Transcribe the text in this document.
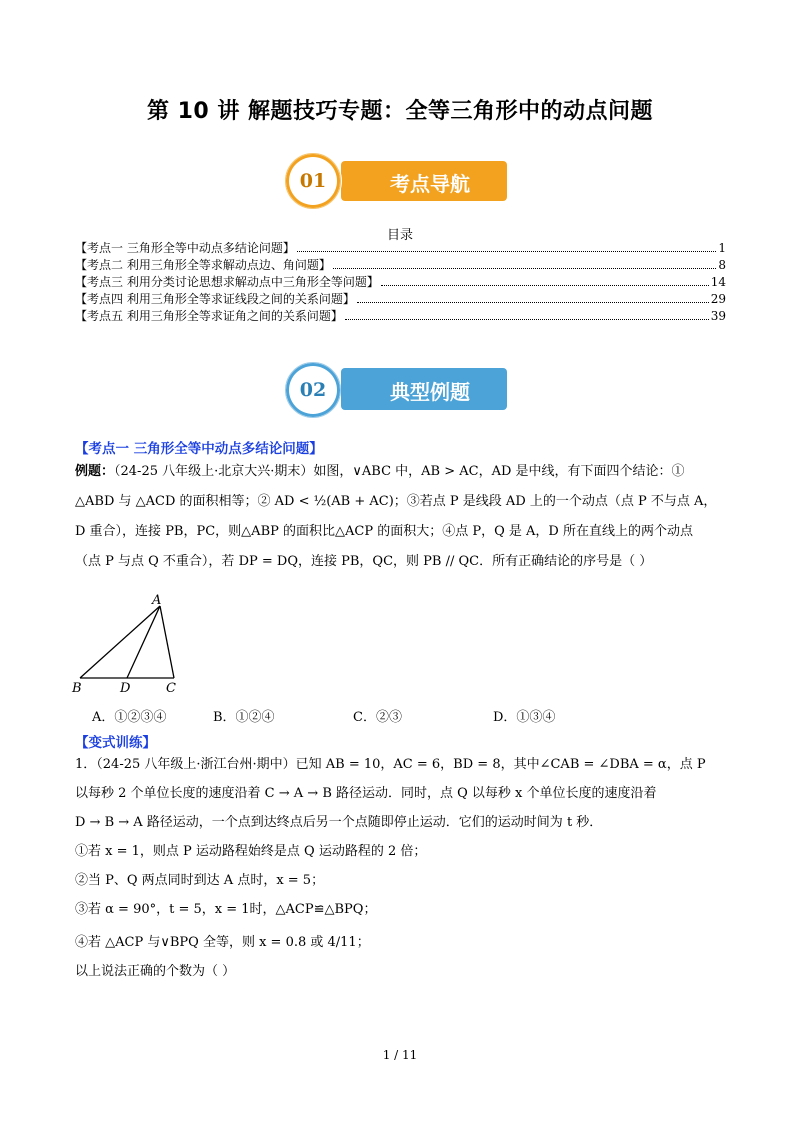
第 10 讲 解题技巧专题：全等三角形中的动点问题
01	考点导航
目录
【考点一 三角形全等中动点多结论问题】	1
【考点二 利用三角形全等求解动点边、角问题】	8
【考点三 利用分类讨论思想求解动点中三角形全等问题】	14
【考点四 利用三角形全等求证线段之间的关系问题】	29
【考点五 利用三角形全等求证角之间的关系问题】	39
02	典型例题
【考点一 三角形全等中动点多结论问题】
例题：（24-25 八年级上·北京大兴·期末）如图，∨ABC 中，AB > AC，AD 是中线，有下面四个结论：①
△ABD 与 △ACD 的面积相等；② AD < ½(AB + AC)；③若点 P 是线段 AD 上的一个动点（点 P 不与点 A，
D 重合），连接 PB，PC，则△ABP 的面积比△ACP 的面积大；④点 P，Q 是 A，D 所在直线上的两个动点
（点 P 与点 Q 不重合），若 DP = DQ，连接 PB，QC，则 PB // QC．所有正确结论的序号是（ ）
A
B	D	C
A．①②③④	B．①②④	C．②③	D．①③④
【变式训练】
1．（24-25 八年级上·浙江台州·期中）已知 AB = 10，AC = 6，BD = 8，其中∠CAB = ∠DBA = α，点 P
以每秒 2 个单位长度的速度沿着 C → A → B 路径运动．同时，点 Q 以每秒 x 个单位长度的速度沿着
D → B → A 路径运动，一个点到达终点后另一个点随即停止运动．它们的运动时间为 t 秒．
①若 x = 1，则点 P 运动路程始终是点 Q 运动路程的 2 倍；
②当 P、Q 两点同时到达 A 点时，x = 5；
③若 α = 90°，t = 5，x = 1时，△ACP≌△BPQ；
④若 △ACP 与∨BPQ 全等，则 x = 0.8 或 4/11；
以上说法正确的个数为（ ）
1 / 11
